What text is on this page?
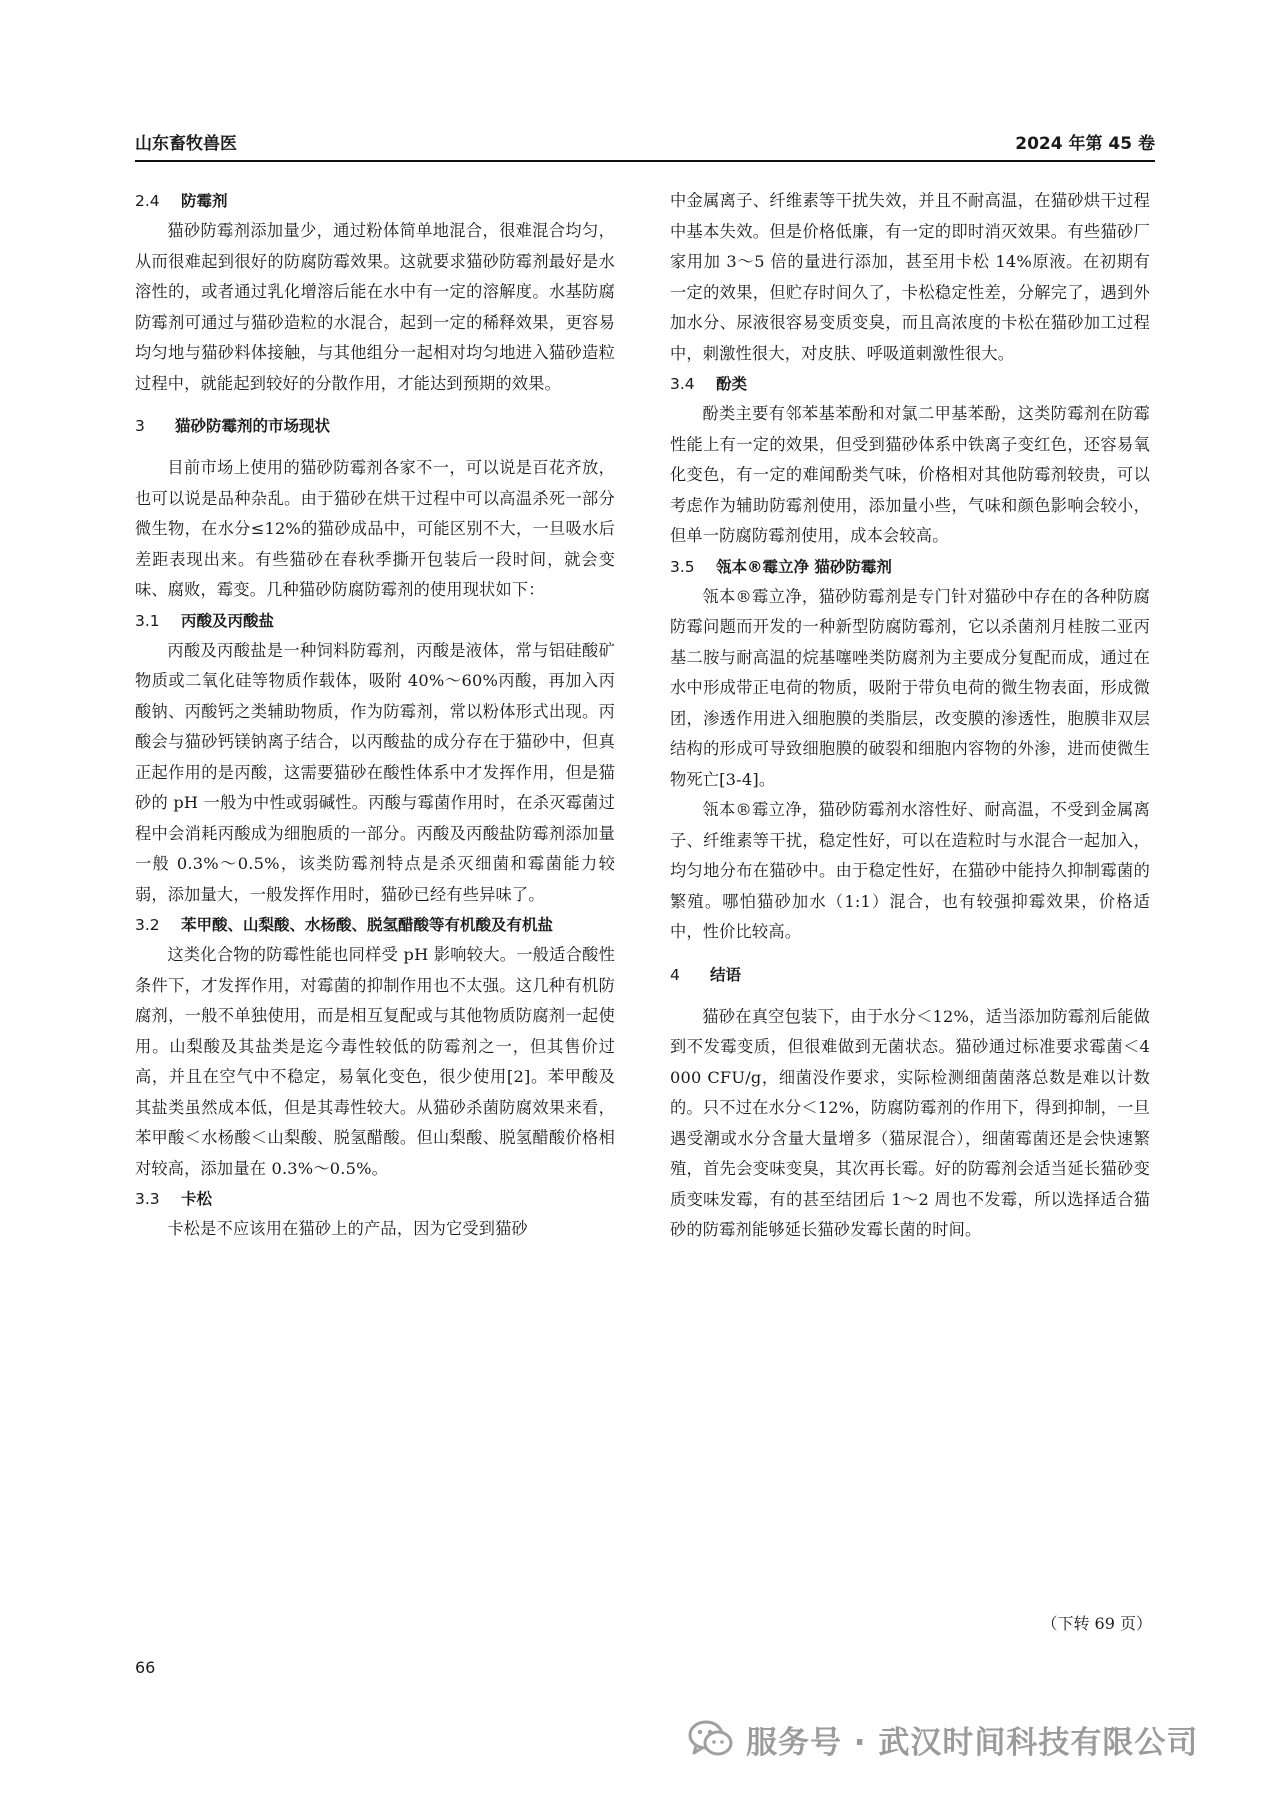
山东畜牧兽医	2024 年第 45 卷
2.4 防霉剂

猫砂防霉剂添加量少，通过粉体简单地混合，很难混合均匀，从而很难起到很好的防腐防霉效果。这就要求猫砂防霉剂最好是水溶性的，或者通过乳化增溶后能在水中有一定的溶解度。水基防腐防霉剂可通过与猫砂造粒的水混合，起到一定的稀释效果，更容易均匀地与猫砂料体接触，与其他组分一起相对均匀地进入猫砂造粒过程中，就能起到较好的分散作用，才能达到预期的效果。

3 猫砂防霉剂的市场现状

目前市场上使用的猫砂防霉剂各家不一，可以说是百花齐放，也可以说是品种杂乱。由于猫砂在烘干过程中可以高温杀死一部分微生物，在水分≤12%的猫砂成品中，可能区别不大，一旦吸水后差距表现出来。有些猫砂在春秋季撕开包装后一段时间，就会变味、腐败，霉变。几种猫砂防腐防霉剂的使用现状如下：

3.1 丙酸及丙酸盐

丙酸及丙酸盐是一种饲料防霉剂，丙酸是液体，常与铝硅酸矿物质或二氧化硅等物质作载体，吸附 40%～60%丙酸，再加入丙酸钠、丙酸钙之类辅助物质，作为防霉剂，常以粉体形式出现。丙酸会与猫砂钙镁钠离子结合，以丙酸盐的成分存在于猫砂中，但真正起作用的是丙酸，这需要猫砂在酸性体系中才发挥作用，但是猫砂的 pH 一般为中性或弱碱性。丙酸与霉菌作用时，在杀灭霉菌过程中会消耗丙酸成为细胞质的一部分。丙酸及丙酸盐防霉剂添加量一般 0.3%～0.5%，该类防霉剂特点是杀灭细菌和霉菌能力较弱，添加量大，一般发挥作用时，猫砂已经有些异味了。

3.2 苯甲酸、山梨酸、水杨酸、脱氢醋酸等有机酸及有机盐

这类化合物的防霉性能也同样受 pH 影响较大。一般适合酸性条件下，才发挥作用，对霉菌的抑制作用也不太强。这几种有机防腐剂，一般不单独使用，而是相互复配或与其他物质防腐剂一起使用。山梨酸及其盐类是迄今毒性较低的防霉剂之一，但其售价过高，并且在空气中不稳定，易氧化变色，很少使用[2]。苯甲酸及其盐类虽然成本低，但是其毒性较大。从猫砂杀菌防腐效果来看，苯甲酸＜水杨酸＜山梨酸、脱氢醋酸。但山梨酸、脱氢醋酸价格相对较高，添加量在 0.3%～0.5%。

3.3 卡松

卡松是不应该用在猫砂上的产品，因为它受到猫砂

中金属离子、纤维素等干扰失效，并且不耐高温，在猫砂烘干过程中基本失效。但是价格低廉，有一定的即时消灭效果。有些猫砂厂家用加 3～5 倍的量进行添加，甚至用卡松 14%原液。在初期有一定的效果，但贮存时间久了，卡松稳定性差，分解完了，遇到外加水分、尿液很容易变质变臭，而且高浓度的卡松在猫砂加工过程中，刺激性很大，对皮肤、呼吸道刺激性很大。

3.4 酚类

酚类主要有邻苯基苯酚和对氯二甲基苯酚，这类防霉剂在防霉性能上有一定的效果，但受到猫砂体系中铁离子变红色，还容易氧化变色，有一定的难闻酚类气味，价格相对其他防霉剂较贵，可以考虑作为辅助防霉剂使用，添加量小些，气味和颜色影响会较小，但单一防腐防霉剂使用，成本会较高。

3.5 瓴本®霉立净 猫砂防霉剂

瓴本®霉立净，猫砂防霉剂是专门针对猫砂中存在的各种防腐防霉问题而开发的一种新型防腐防霉剂，它以杀菌剂月桂胺二亚丙基二胺与耐高温的烷基噻唑类防腐剂为主要成分复配而成，通过在水中形成带正电荷的物质，吸附于带负电荷的微生物表面，形成微团，渗透作用进入细胞膜的类脂层，改变膜的渗透性，胞膜非双层结构的形成可导致细胞膜的破裂和细胞内容物的外渗，进而使微生物死亡[3-4]。

瓴本®霉立净，猫砂防霉剂水溶性好、耐高温，不受到金属离子、纤维素等干扰，稳定性好，可以在造粒时与水混合一起加入，均匀地分布在猫砂中。由于稳定性好，在猫砂中能持久抑制霉菌的繁殖。哪怕猫砂加水（1:1）混合，也有较强抑霉效果，价格适中，性价比较高。

4 结语

猫砂在真空包装下，由于水分＜12%，适当添加防霉剂后能做到不发霉变质，但很难做到无菌状态。猫砂通过标准要求霉菌＜4 000 CFU/g，细菌没作要求，实际检测细菌菌落总数是难以计数的。只不过在水分＜12%，防腐防霉剂的作用下，得到抑制，一旦遇受潮或水分含量大量增多（猫尿混合），细菌霉菌还是会快速繁殖，首先会变味变臭，其次再长霉。好的防霉剂会适当延长猫砂变质变味发霉，有的甚至结团后 1～2 周也不发霉，所以选择适合猫砂的防霉剂能够延长猫砂发霉长菌的时间。

（下转 69 页）
66
服务号 · 武汉时间科技有限公司
